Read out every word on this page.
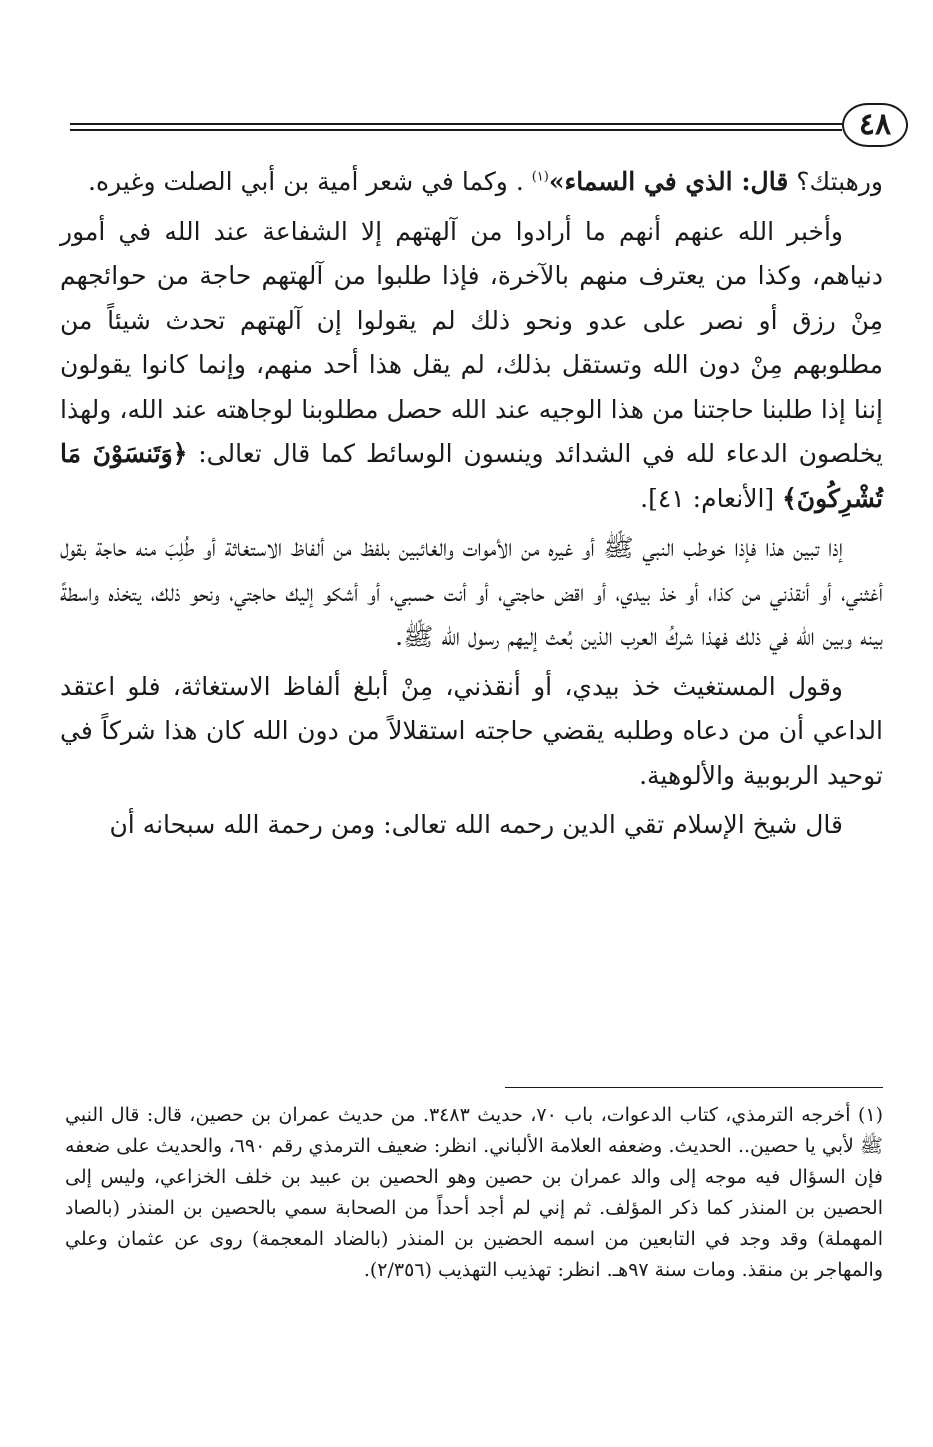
٤٨

ورهبتك؟ قال: الذي في السماء»$^{(١)}$ . وكما في شعر أمية بن أبي الصلت وغيره.

وأخبر الله عنهم أنهم ما أرادوا من آلهتهم إلا الشفاعة عند الله في أمور دنياهم، وكذا من يعترف منهم بالآخرة، فإذا طلبوا من آلهتهم حاجة من حوائجهم مِنْ رزق أو نصر على عدو ونحو ذلك لم يقولوا إن آلهتهم تحدث شيئاً من مطلوبهم مِنْ دون الله وتستقل بذلك، لم يقل هذا أحد منهم، وإنما كانوا يقولون إننا إذا طلبنا حاجتنا من هذا الوجيه عند الله حصل مطلوبنا لوجاهته عند الله، ولهذا يخلصون الدعاء لله في الشدائد وينسون الوسائط كما قال تعالى: ﴿وَتَنسَوْنَ مَا تُشْرِكُونَ﴾ [الأنعام: ٤١].

إذا تبين هذا فإذا خوطب النبي ﷺ أو غيره من الأموات والغائبين بلفظ من ألفاظ الاستغاثة أو طُلِبَ منه حاجة بقول أغثني، أو أنقذني من كذا، أو خذ بيدي، أو اقض حاجتي، أو أنت حسبي، أو أشكو إليك حاجتي، ونحو ذلك، يتخذه واسطةً بينه وبين الله في ذلك فهذا شركُ العرب الذين بُعث إليهم رسول الله ﷺ.

وقول المستغيث خذ بيدي، أو أنقذني، مِنْ أبلغ ألفاظ الاستغاثة، فلو اعتقد الداعي أن من دعاه وطلبه يقضي حاجته استقلالاً من دون الله كان هذا شركاً في توحيد الربوبية والألوهية.

قال شيخ الإسلام تقي الدين رحمه الله تعالى: ومن رحمة الله سبحانه أن

(١) أخرجه الترمذي، كتاب الدعوات، باب ٧٠، حديث ٣٤٨٣. من حديث عمران بن حصين، قال: قال النبي ﷺ لأبي يا حصين.. الحديث. وضعفه العلامة الألباني. انظر: ضعيف الترمذي رقم ٦٩٠، والحديث على ضعفه فإن السؤال فيه موجه إلى والد عمران بن حصين وهو الحصين بن عبيد بن خلف الخزاعي، وليس إلى الحصين بن المنذر كما ذكر المؤلف. ثم إني لم أجد أحداً من الصحابة سمي بالحصين بن المنذر (بالصاد المهملة) وقد وجد في التابعين من اسمه الحضين بن المنذر (بالضاد المعجمة) روى عن عثمان وعلي والمهاجر بن منقذ. ومات سنة ٩٧هـ. انظر: تهذيب التهذيب (٢/٣٥٦).
